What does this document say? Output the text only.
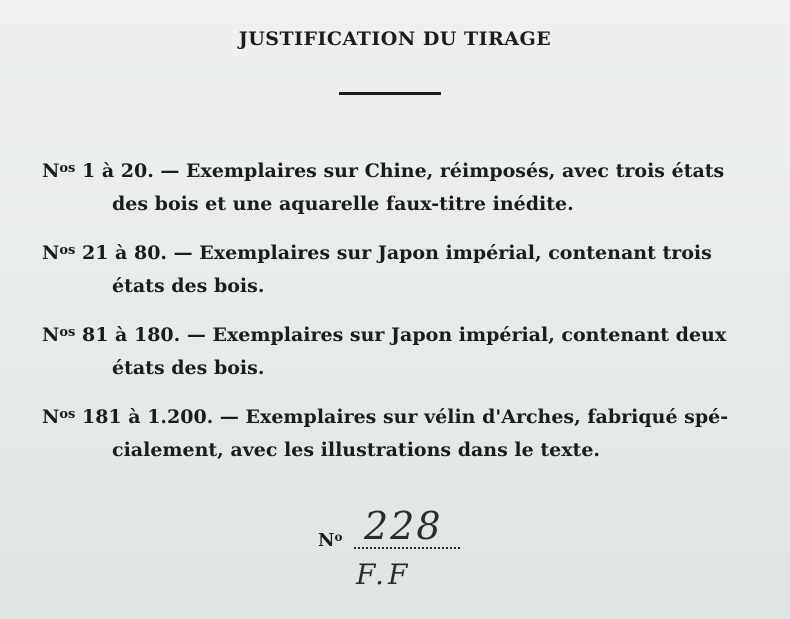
JUSTIFICATION DU TIRAGE
$N^{os}$ 1 à 20. — Exemplaires sur Chine, réimposés, avec trois états
des bois et une aquarelle faux-titre inédite.
$N^{os}$ 21 à 80. — Exemplaires sur Japon impérial, contenant trois
états des bois.
$N^{os}$ 81 à 180. — Exemplaires sur Japon impérial, contenant deux
états des bois.
$N^{os}$ 181 à 1.200. — Exemplaires sur vélin d'Arches, fabriqué spé-
cialement, avec les illustrations dans le texte.
$N^o$ 228
F.F
